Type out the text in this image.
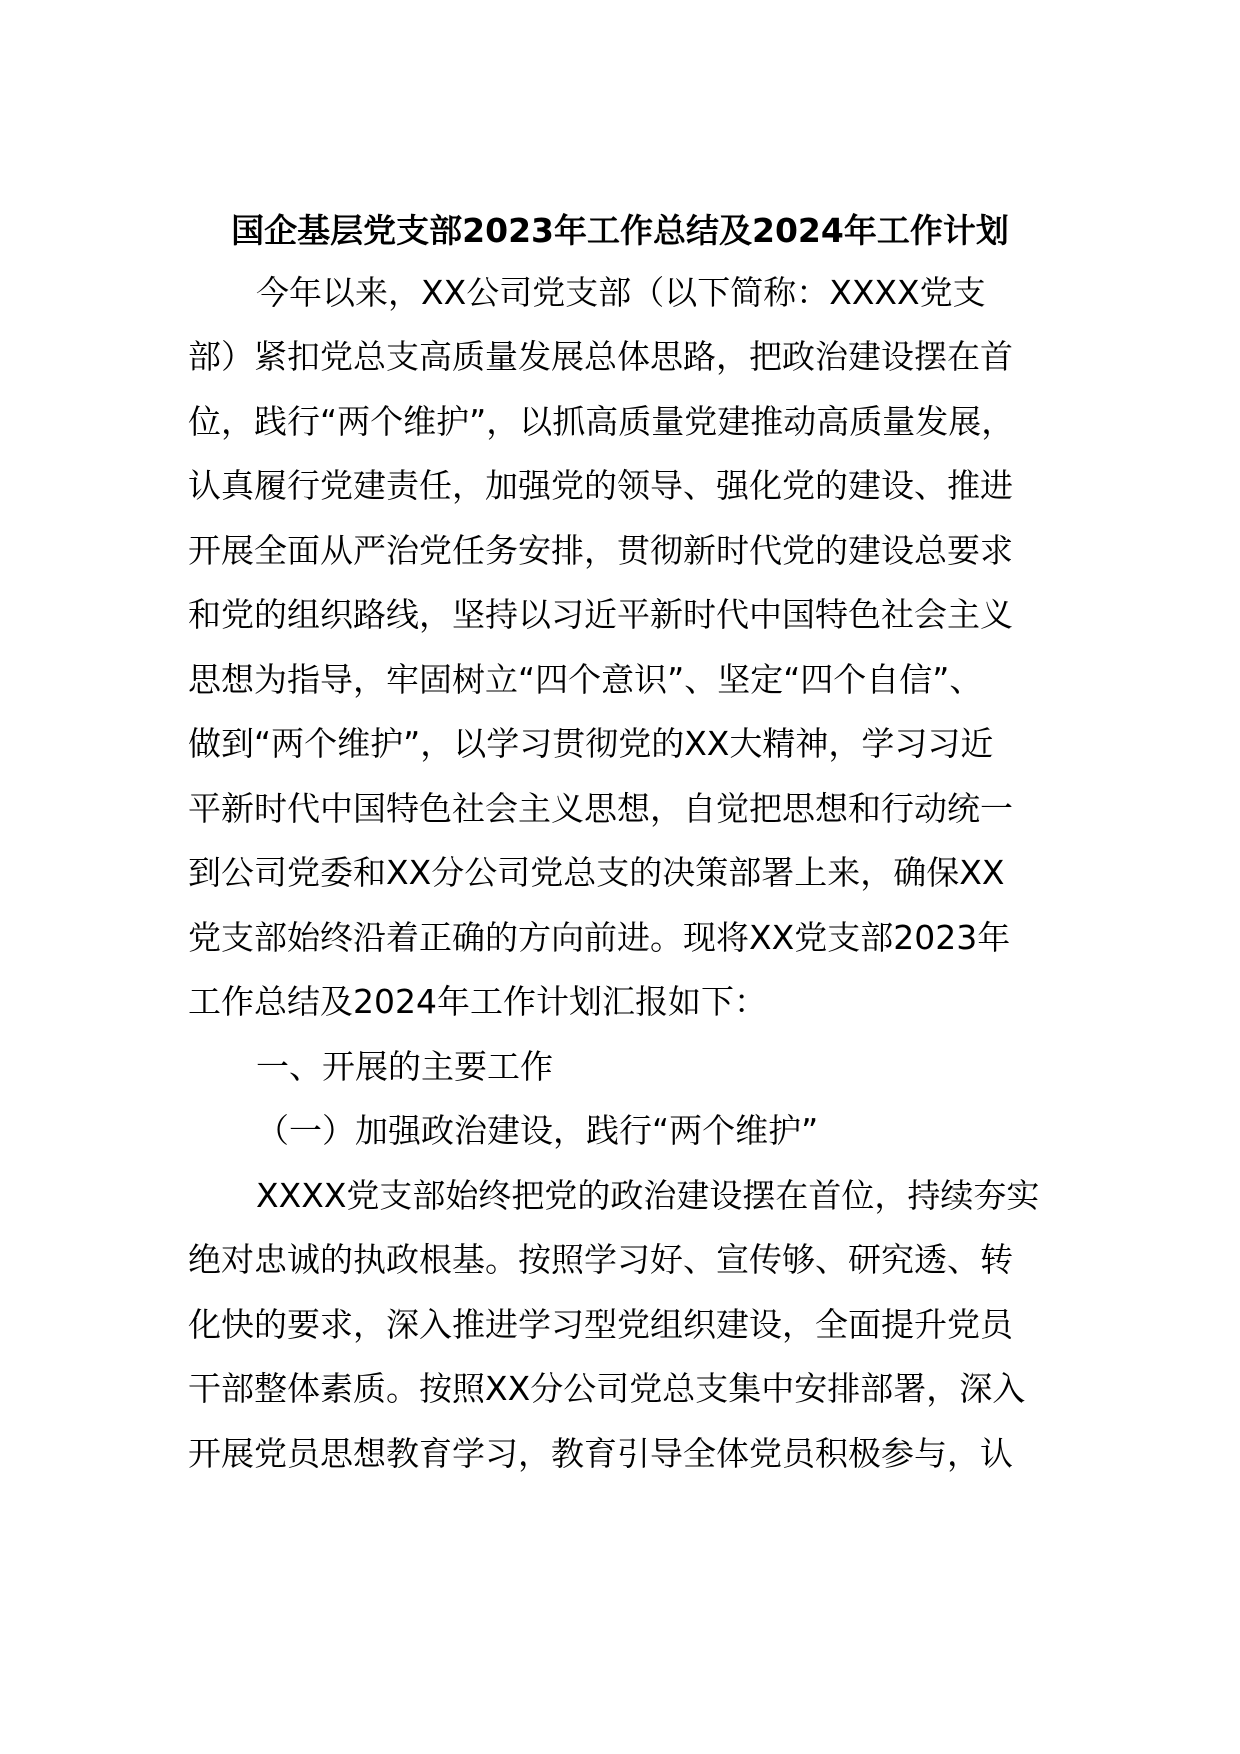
国企基层党支部2023年工作总结及2024年工作计划
今年以来，XX公司党支部（以下简称：XXXX党支
部）紧扣党总支高质量发展总体思路，把政治建设摆在首
位，践行“两个维护”，以抓高质量党建推动高质量发展，
认真履行党建责任，加强党的领导、强化党的建设、推进
开展全面从严治党任务安排，贯彻新时代党的建设总要求
和党的组织路线，坚持以习近平新时代中国特色社会主义
思想为指导，牢固树立“四个意识”、坚定“四个自信”、
做到“两个维护”，以学习贯彻党的XX大精神，学习习近
平新时代中国特色社会主义思想，自觉把思想和行动统一
到公司党委和XX分公司党总支的决策部署上来，确保XX
党支部始终沿着正确的方向前进。现将XX党支部2023年
工作总结及2024年工作计划汇报如下：
一、开展的主要工作
（一）加强政治建设，践行“两个维护”
XXXX党支部始终把党的政治建设摆在首位，持续夯实
绝对忠诚的执政根基。按照学习好、宣传够、研究透、转
化快的要求，深入推进学习型党组织建设，全面提升党员
干部整体素质。按照XX分公司党总支集中安排部署，深入
开展党员思想教育学习，教育引导全体党员积极参与，认
